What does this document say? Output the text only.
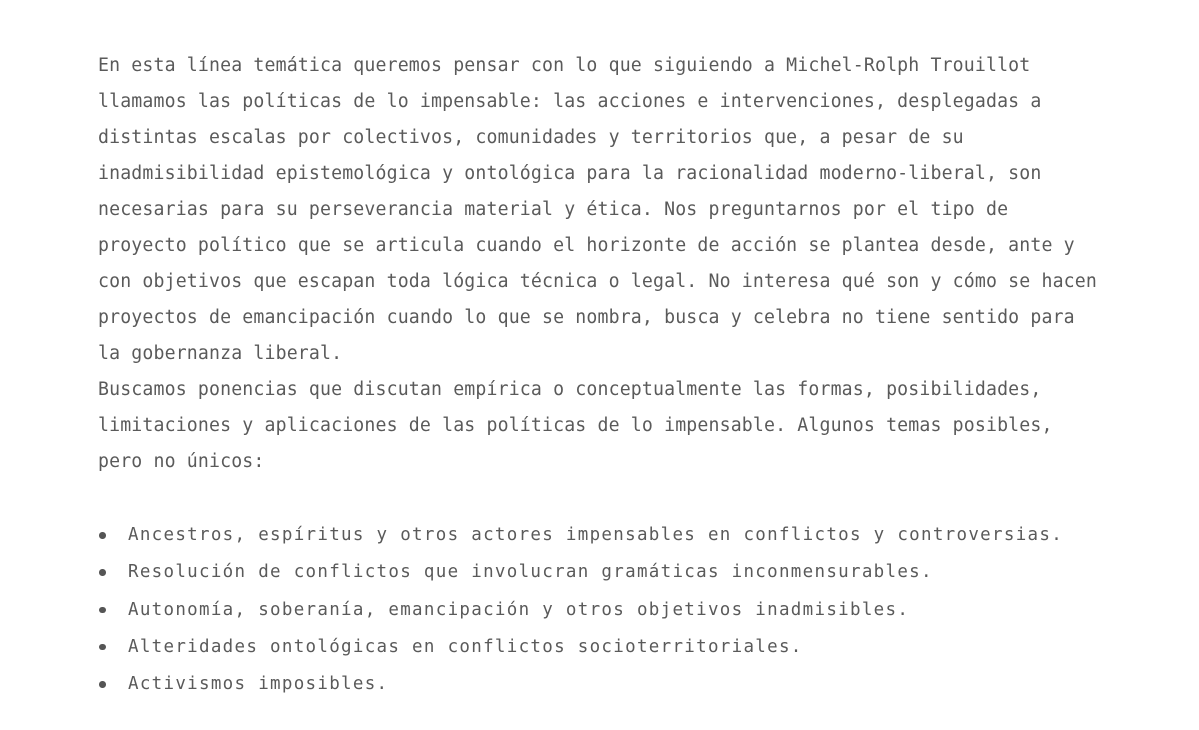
En esta línea temática queremos pensar con lo que siguiendo a Michel-Rolph Trouillot llamamos las políticas de lo impensable: las acciones e intervenciones, desplegadas a distintas escalas por colectivos, comunidades y territorios que, a pesar de su inadmisibilidad epistemológica y ontológica para la racionalidad moderno-liberal, son necesarias para su perseverancia material y ética. Nos preguntarnos por el tipo de proyecto político que se articula cuando el horizonte de acción se plantea desde, ante y con objetivos que escapan toda lógica técnica o legal. No interesa qué son y cómo se hacen proyectos de emancipación cuando lo que se nombra, busca y celebra no tiene sentido para la gobernanza liberal.

Buscamos ponencias que discutan empírica o conceptualmente las formas, posibilidades, limitaciones y aplicaciones de las políticas de lo impensable. Algunos temas posibles, pero no únicos:

Ancestros, espíritus y otros actores impensables en conflictos y controversias.
Resolución de conflictos que involucran gramáticas inconmensurables.
Autonomía, soberanía, emancipación y otros objetivos inadmisibles.
Alteridades ontológicas en conflictos socioterritoriales.
Activismos imposibles.
